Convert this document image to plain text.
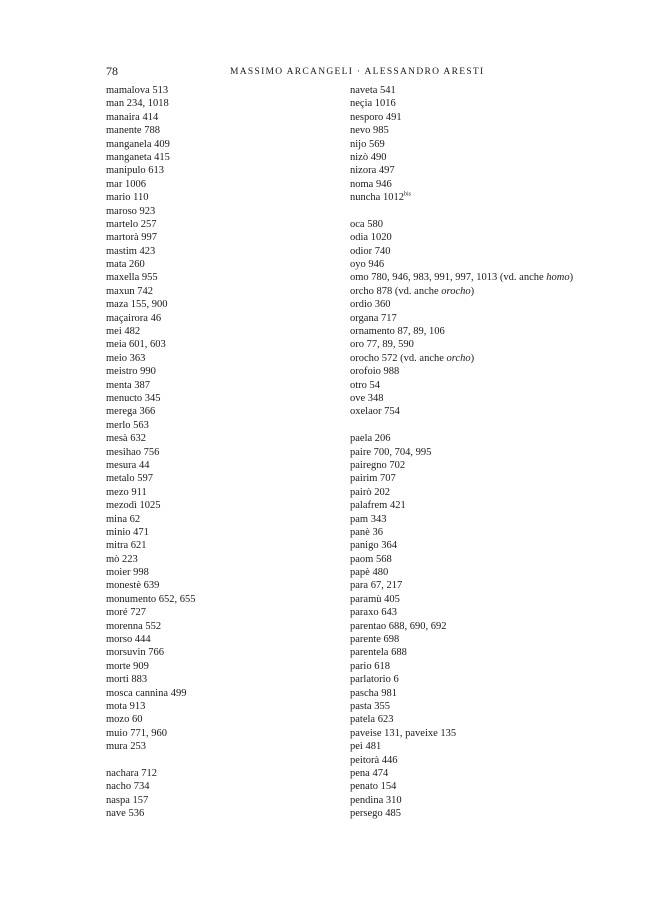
78	MASSIMO ARCANGELI · ALESSANDRO ARESTI
mamalova 513
man 234, 1018
manaira 414
manente 788
manganela 409
manganeta 415
manipulo 613
mar 1006
mario 110
maroso 923
martelo 257
martorà 997
mastim 423
mata 260
maxella 955
maxun 742
maza 155, 900
maçairora 46
mei 482
meia 601, 603
meio 363
meistro 990
menta 387
menucto 345
merega 366
merlo 563
mesà 632
mesihao 756
mesura 44
metalo 597
mezo 911
mezodì 1025
mina 62
minio 471
mitra 621
mò 223
moier 998
monestè 639
monumento 652, 655
moré 727
morenna 552
morso 444
morsuvin 766
morte 909
morti 883
mosca cannina 499
mota 913
mozo 60
muio 771, 960
mura 253
nachara 712
nacho 734
naspa 157
nave 536
naveta 541
neçia 1016
nesporo 491
nevo 985
nijo 569
nizò 490
nizora 497
noma 946
nuncha $1012^{bis}$
oca 580
odia 1020
odior 740
oyo 946
omo 780, 946, 983, 991, 997, 1013 (vd. anche homo)
orcho 878 (vd. anche orocho)
ordio 360
organa 717
ornamento 87, 89, 106
oro 77, 89, 590
orocho 572 (vd. anche orcho)
orofoio 988
otro 54
ove 348
oxelaor 754
paela 206
paire 700, 704, 995
pairegno 702
pairim 707
pairò 202
palafrem 421
pam 343
panè 36
panigo 364
paom 568
papè 480
para 67, 217
paramù 405
paraxo 643
parentao 688, 690, 692
parente 698
parentela 688
pario 618
parlatorio 6
pascha 981
pasta 355
patela 623
paveise 131, paveixe 135
pei 481
peitorà 446
pena 474
penato 154
pendina 310
persego 485
